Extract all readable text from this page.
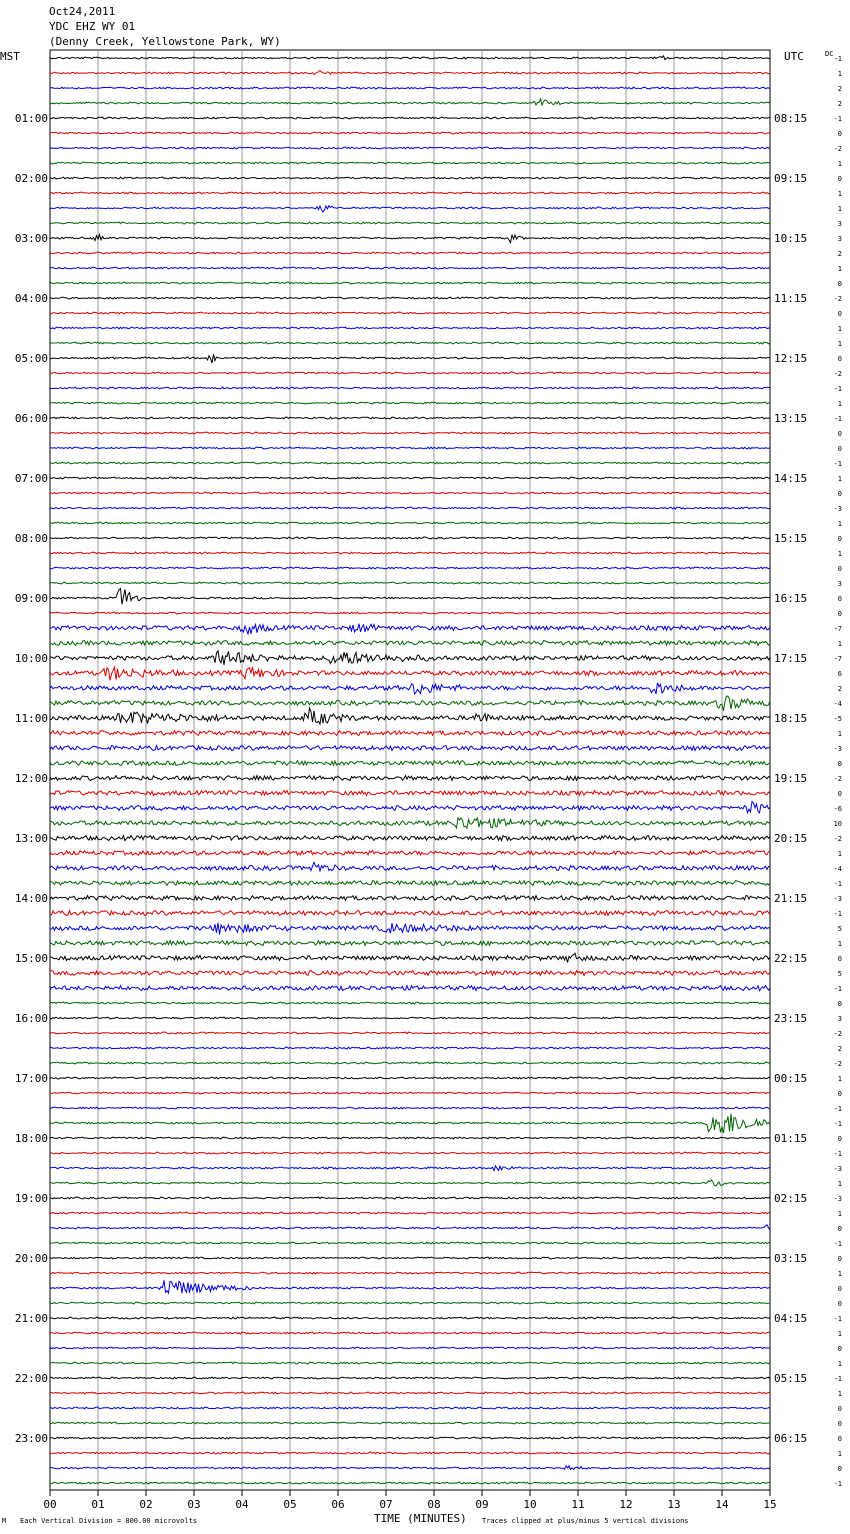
Oct24,2011
YDC EHZ WY 01
(Denny Creek, Yellowstone Park, WY)
00	01	02	03	04	05	06	07	08	09	10	11	12	13	14	15
-1
1
2
2
-1
0
-2
1
0
1
1
3
3
2
1
0
-2
0
1
1
0
-2
-1
1
-1
0
0
-1
1
0
-3
1
0
1
0
3
0
0
-7
1
-7
6
2
-4
-5
1
-3
0
-2
0
-6
10
-2
1
-4
-1
-3
-1
5
1
0
5
-1
0
3
-2
2
-2
1
0
-1
-1
0
-1
-3
1
-3
1
0
-1
0
1
0
0
-1
1
0
1
-1
1
0
0
0
1
0
-1
01:00	08:15
02:00	09:15
03:00	10:15
04:00	11:15
05:00	12:15
06:00	13:15
07:00	14:15
08:00	15:15
09:00	16:15
10:00	17:15
11:00	18:15
12:00	19:15
13:00	20:15
14:00	21:15
15:00	22:15
16:00	23:15
17:00	00:15
18:00	01:15
19:00	02:15
20:00	03:15
21:00	04:15
22:00	05:15
23:00	06:15
MST	UTC	DC
M Each Vertical Division = 800.00 microvolts	TIME (MINUTES) Traces clipped at plus/minus 5 vertical divisions
